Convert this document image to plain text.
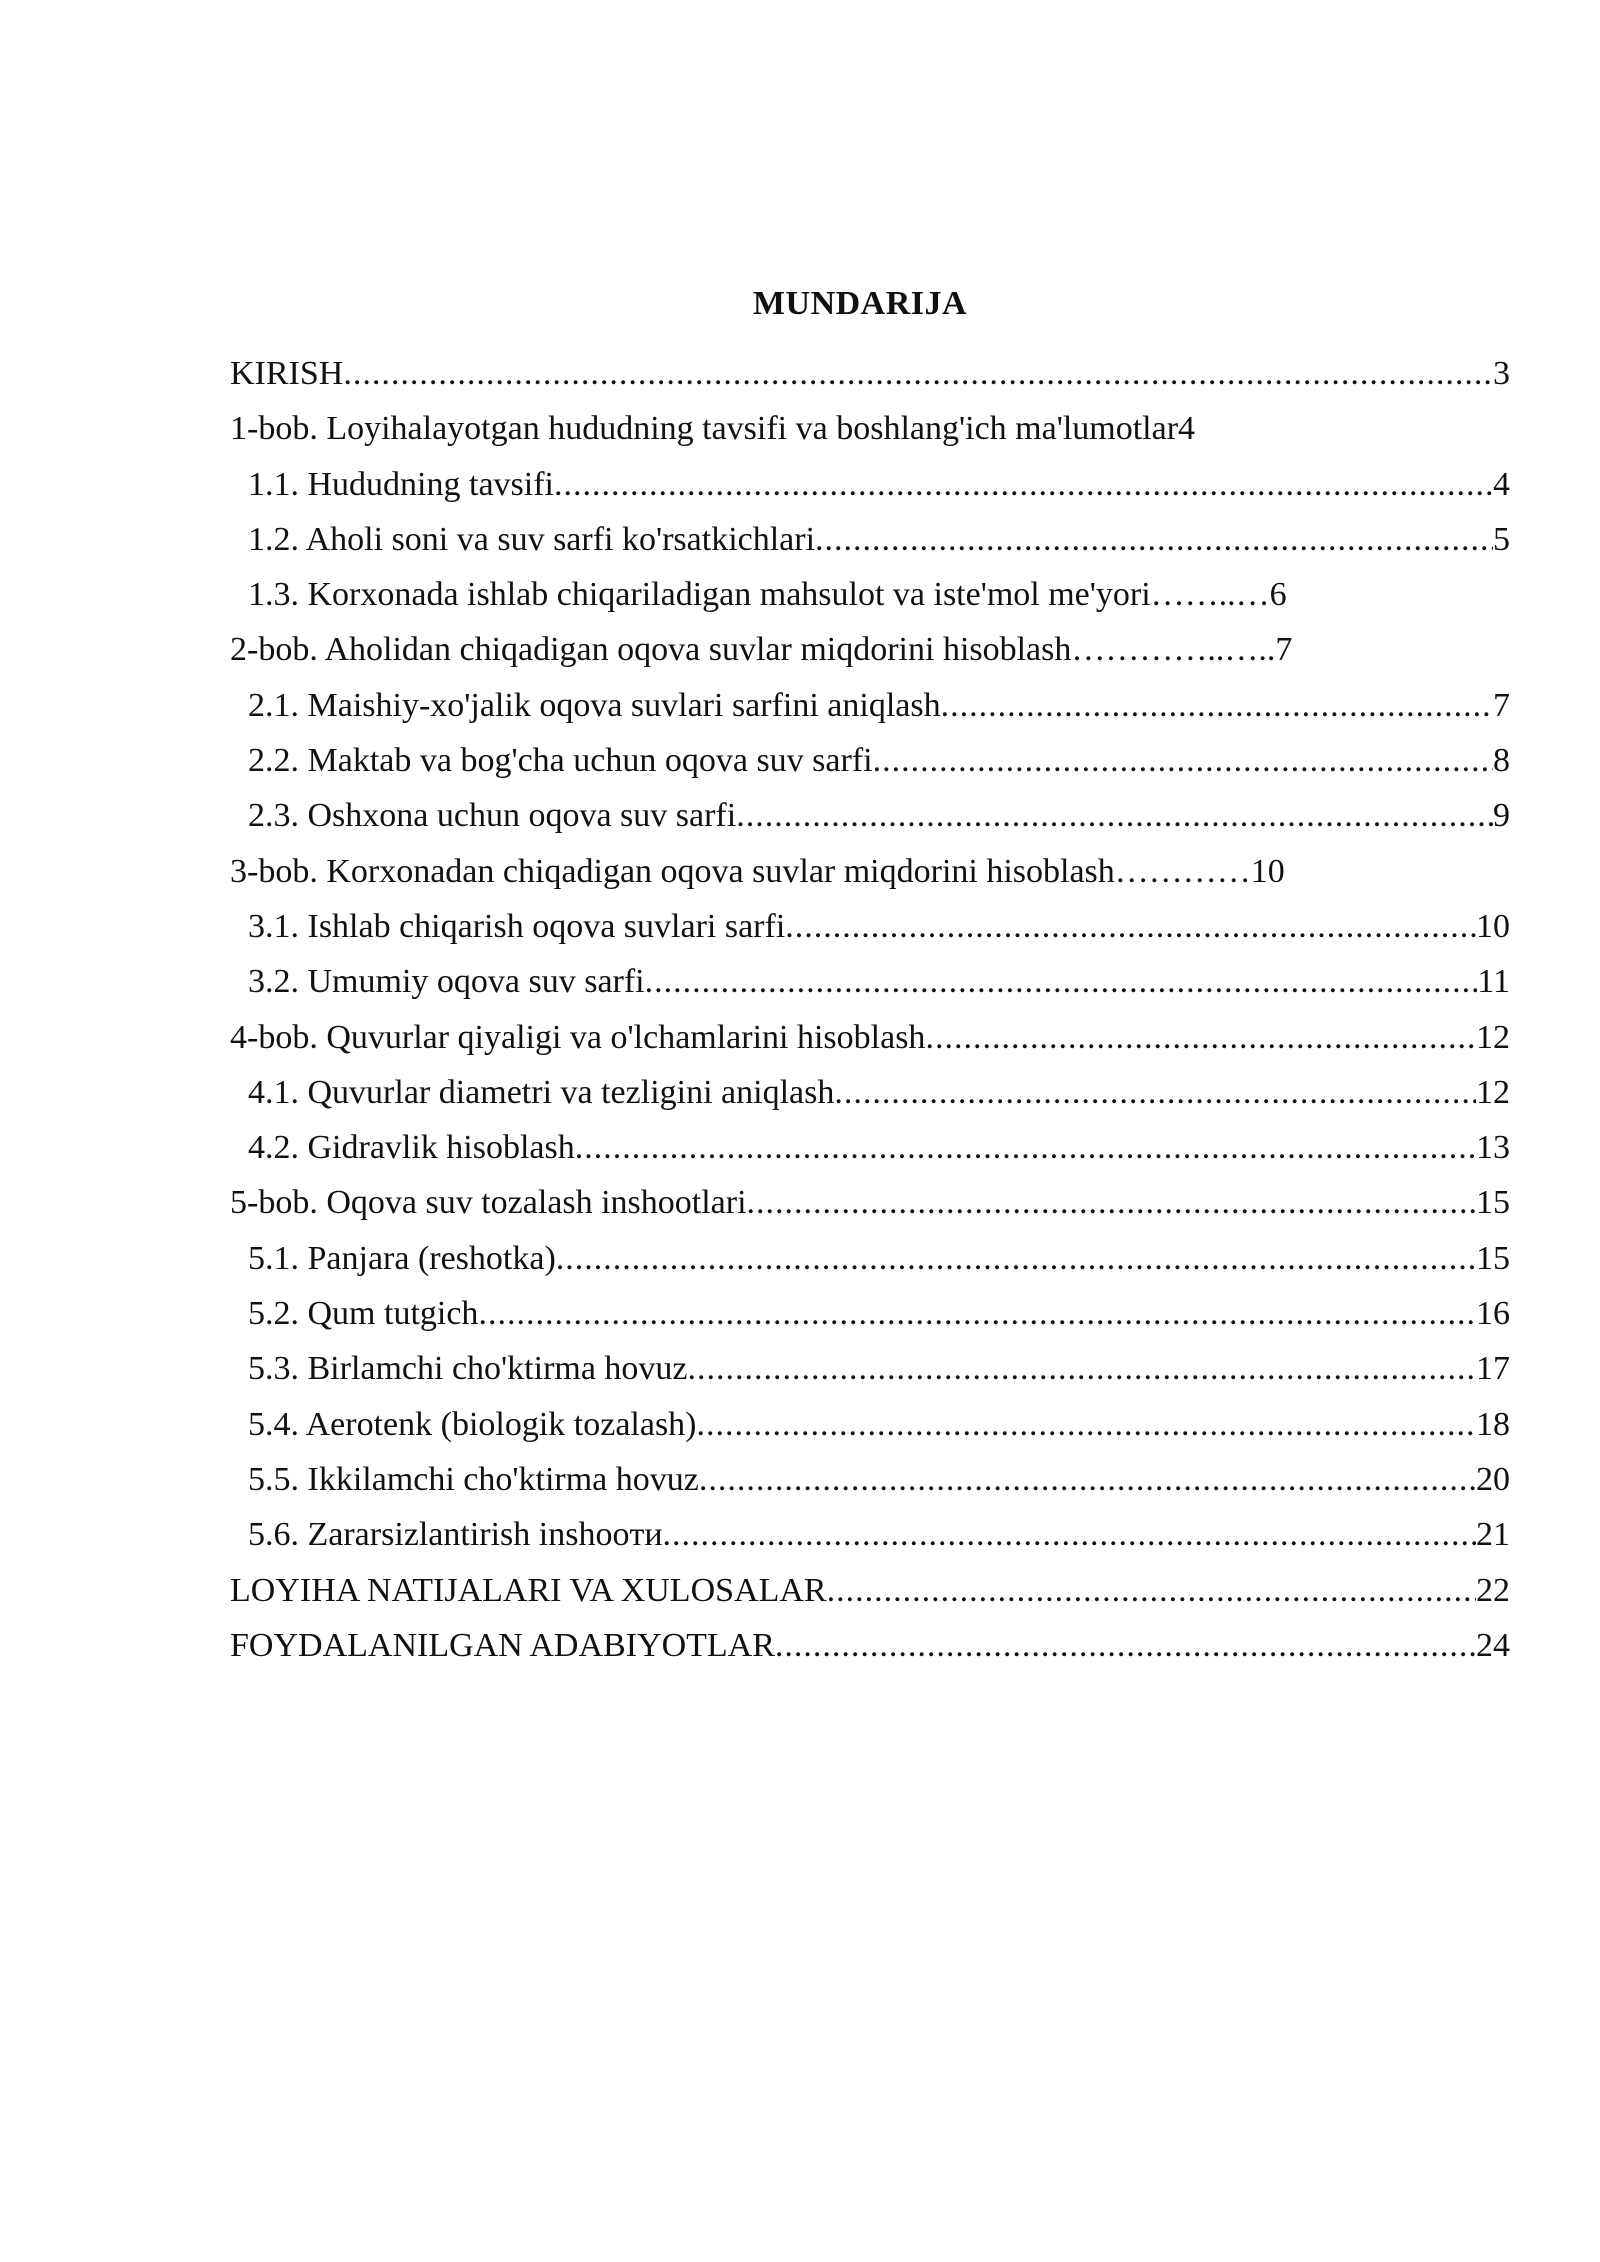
MUNDARIJA
KIRISH .....	3
1-bob. Loyihalayotgan hududning tavsifi va boshlang'ich ma'lumotlar 4
1.1. Hududning tavsifi .....	4
1.2. Aholi soni va suv sarfi ko'rsatkichlari .....	5
1.3. Korxonada ishlab chiqariladigan mahsulot va iste'mol me'yori……..… 6
2-bob. Aholidan chiqadigan oqova suvlar miqdorini hisoblash…………..….. 7
2.1. Maishiy-xo'jalik oqova suvlari sarfini aniqlash .....	7
2.2. Maktab va bog'cha uchun oqova suv sarfi .....	8
2.3. Oshxona uchun oqova suv sarfi .....	9
3-bob. Korxonadan chiqadigan oqova suvlar miqdorini hisoblash………… 10
3.1. Ishlab chiqarish oqova suvlari sarfi .....	10
3.2. Umumiy oqova suv sarfi .....	11
4-bob. Quvurlar qiyaligi va o'lchamlarini hisoblash .....	12
4.1. Quvurlar diametri va tezligini aniqlash .....	12
4.2. Gidravlik hisoblash .....	13
5-bob. Oqova suv tozalash inshootlari .....	15
5.1. Panjara (reshotka) .....	15
5.2. Qum tutgich .....	16
5.3. Birlamchi cho'ktirma hovuz .....	17
5.4. Aerotenk (biologik tozalash) .....	18
5.5. Ikkilamchi cho'ktirma hovuz .....	20
5.6. Zararsizlantirish inshooти .....	21
LOYIHA NATIJALARI VA XULOSALAR .....	22
FOYDALANILGAN ADABIYOTLAR .....	24
